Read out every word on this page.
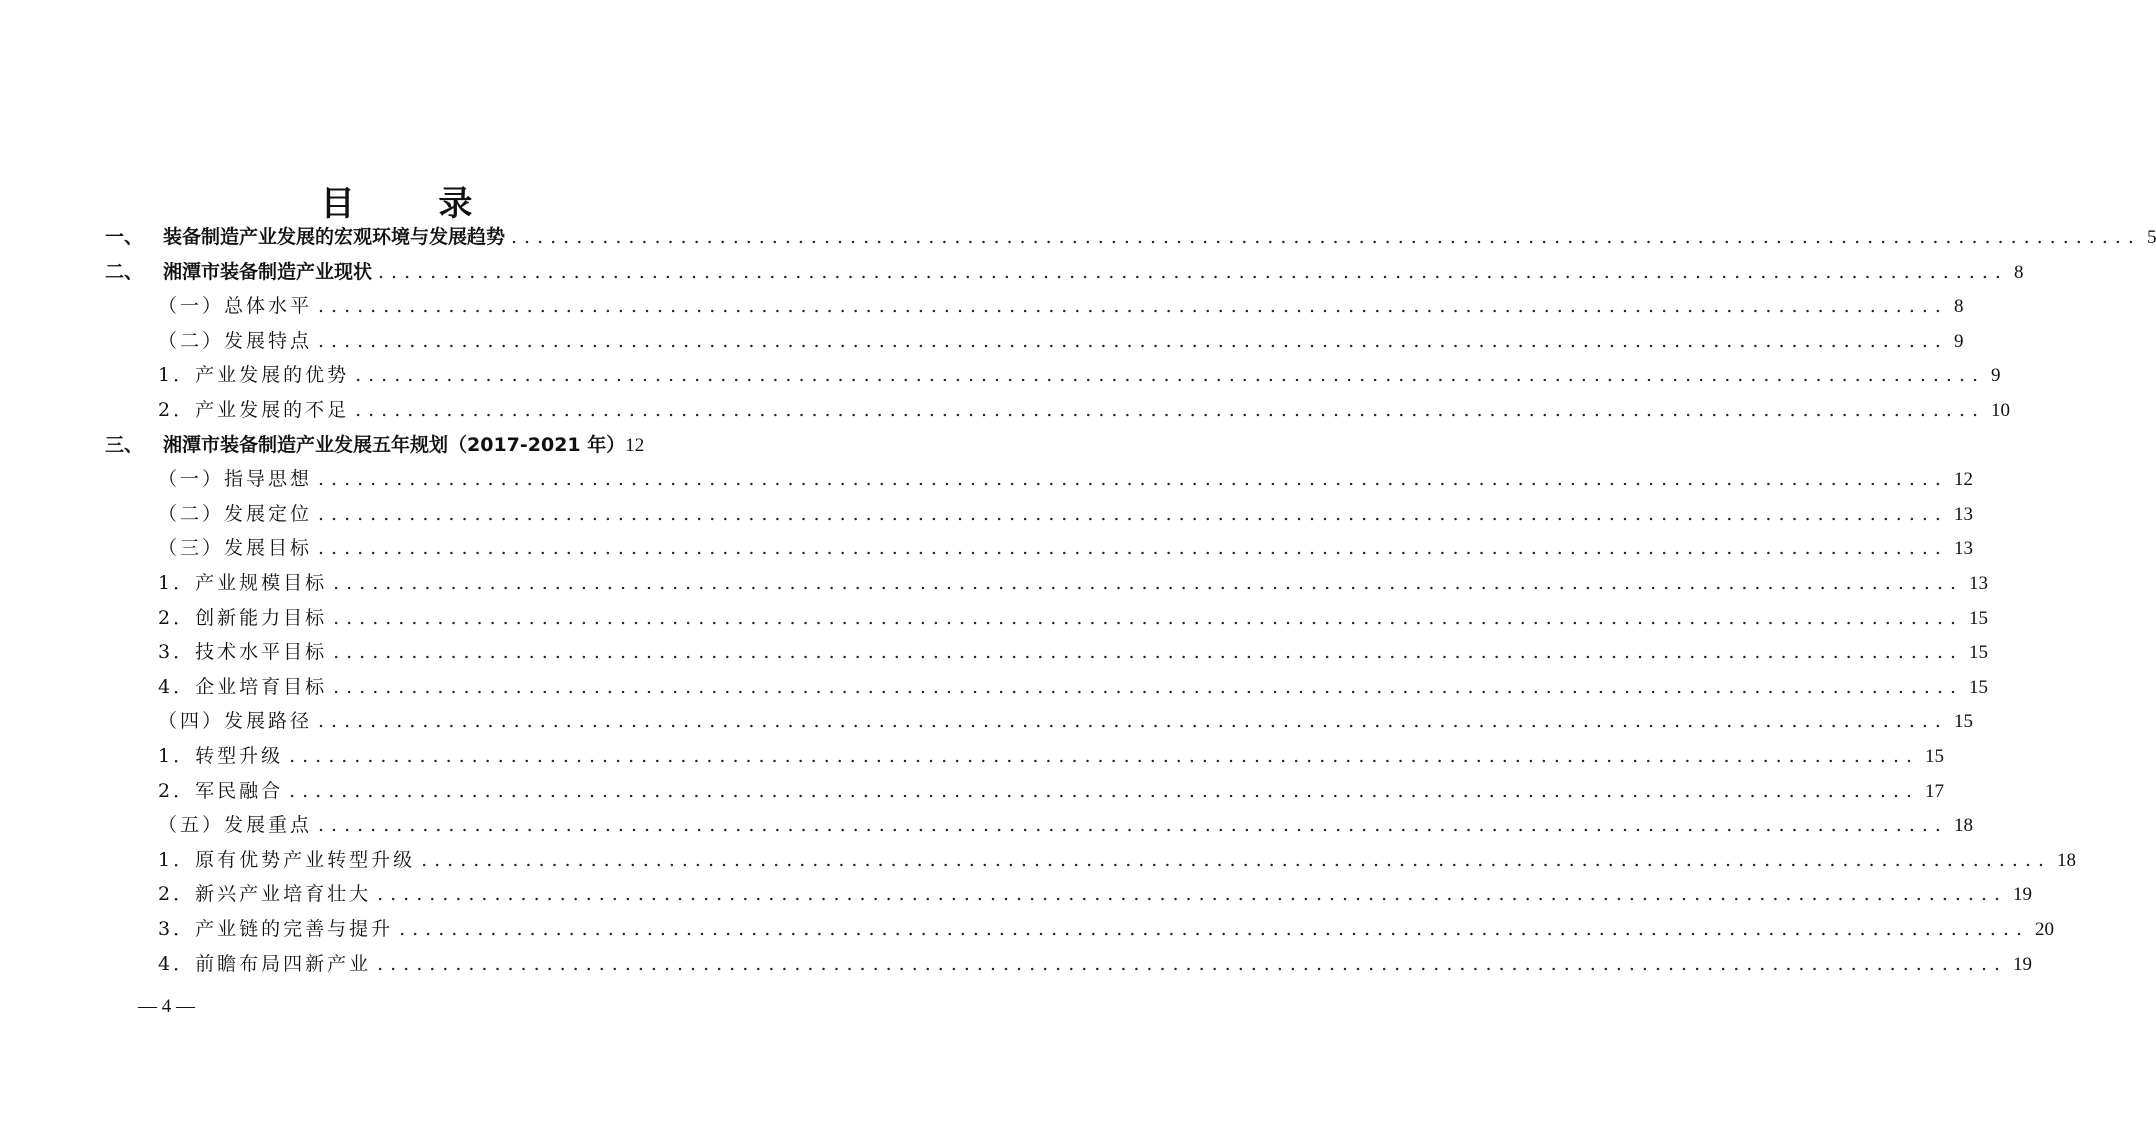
目 录
一、	装备制造产业发展的宏观环境与发展趋势 ............................................................................................................................. 5
二、	湘潭市装备制造产业现状 ............................................................................................................................. 8
（一）总体水平 ............................................................................................................................. 8
（二）发展特点 ............................................................................................................................. 9
1．产业发展的优势 ............................................................................................................................. 9
2．产业发展的不足 ............................................................................................................................. 10
三、	湘潭市装备制造产业发展五年规划（2017-2021 年） 12
（一）指导思想 ............................................................................................................................. 12
（二）发展定位 ............................................................................................................................. 13
（三）发展目标 ............................................................................................................................. 13
1．产业规模目标 ............................................................................................................................. 13
2．创新能力目标 ............................................................................................................................. 15
3．技术水平目标 ............................................................................................................................. 15
4．企业培育目标 ............................................................................................................................. 15
（四）发展路径 ............................................................................................................................. 15
1．转型升级 ............................................................................................................................. 15
2．军民融合 ............................................................................................................................. 17
（五）发展重点 ............................................................................................................................. 18
1．原有优势产业转型升级 ............................................................................................................................. 18
2．新兴产业培育壮大 ............................................................................................................................. 19
3．产业链的完善与提升 ............................................................................................................................. 20
4．前瞻布局四新产业 ............................................................................................................................. 19
— 4 —
